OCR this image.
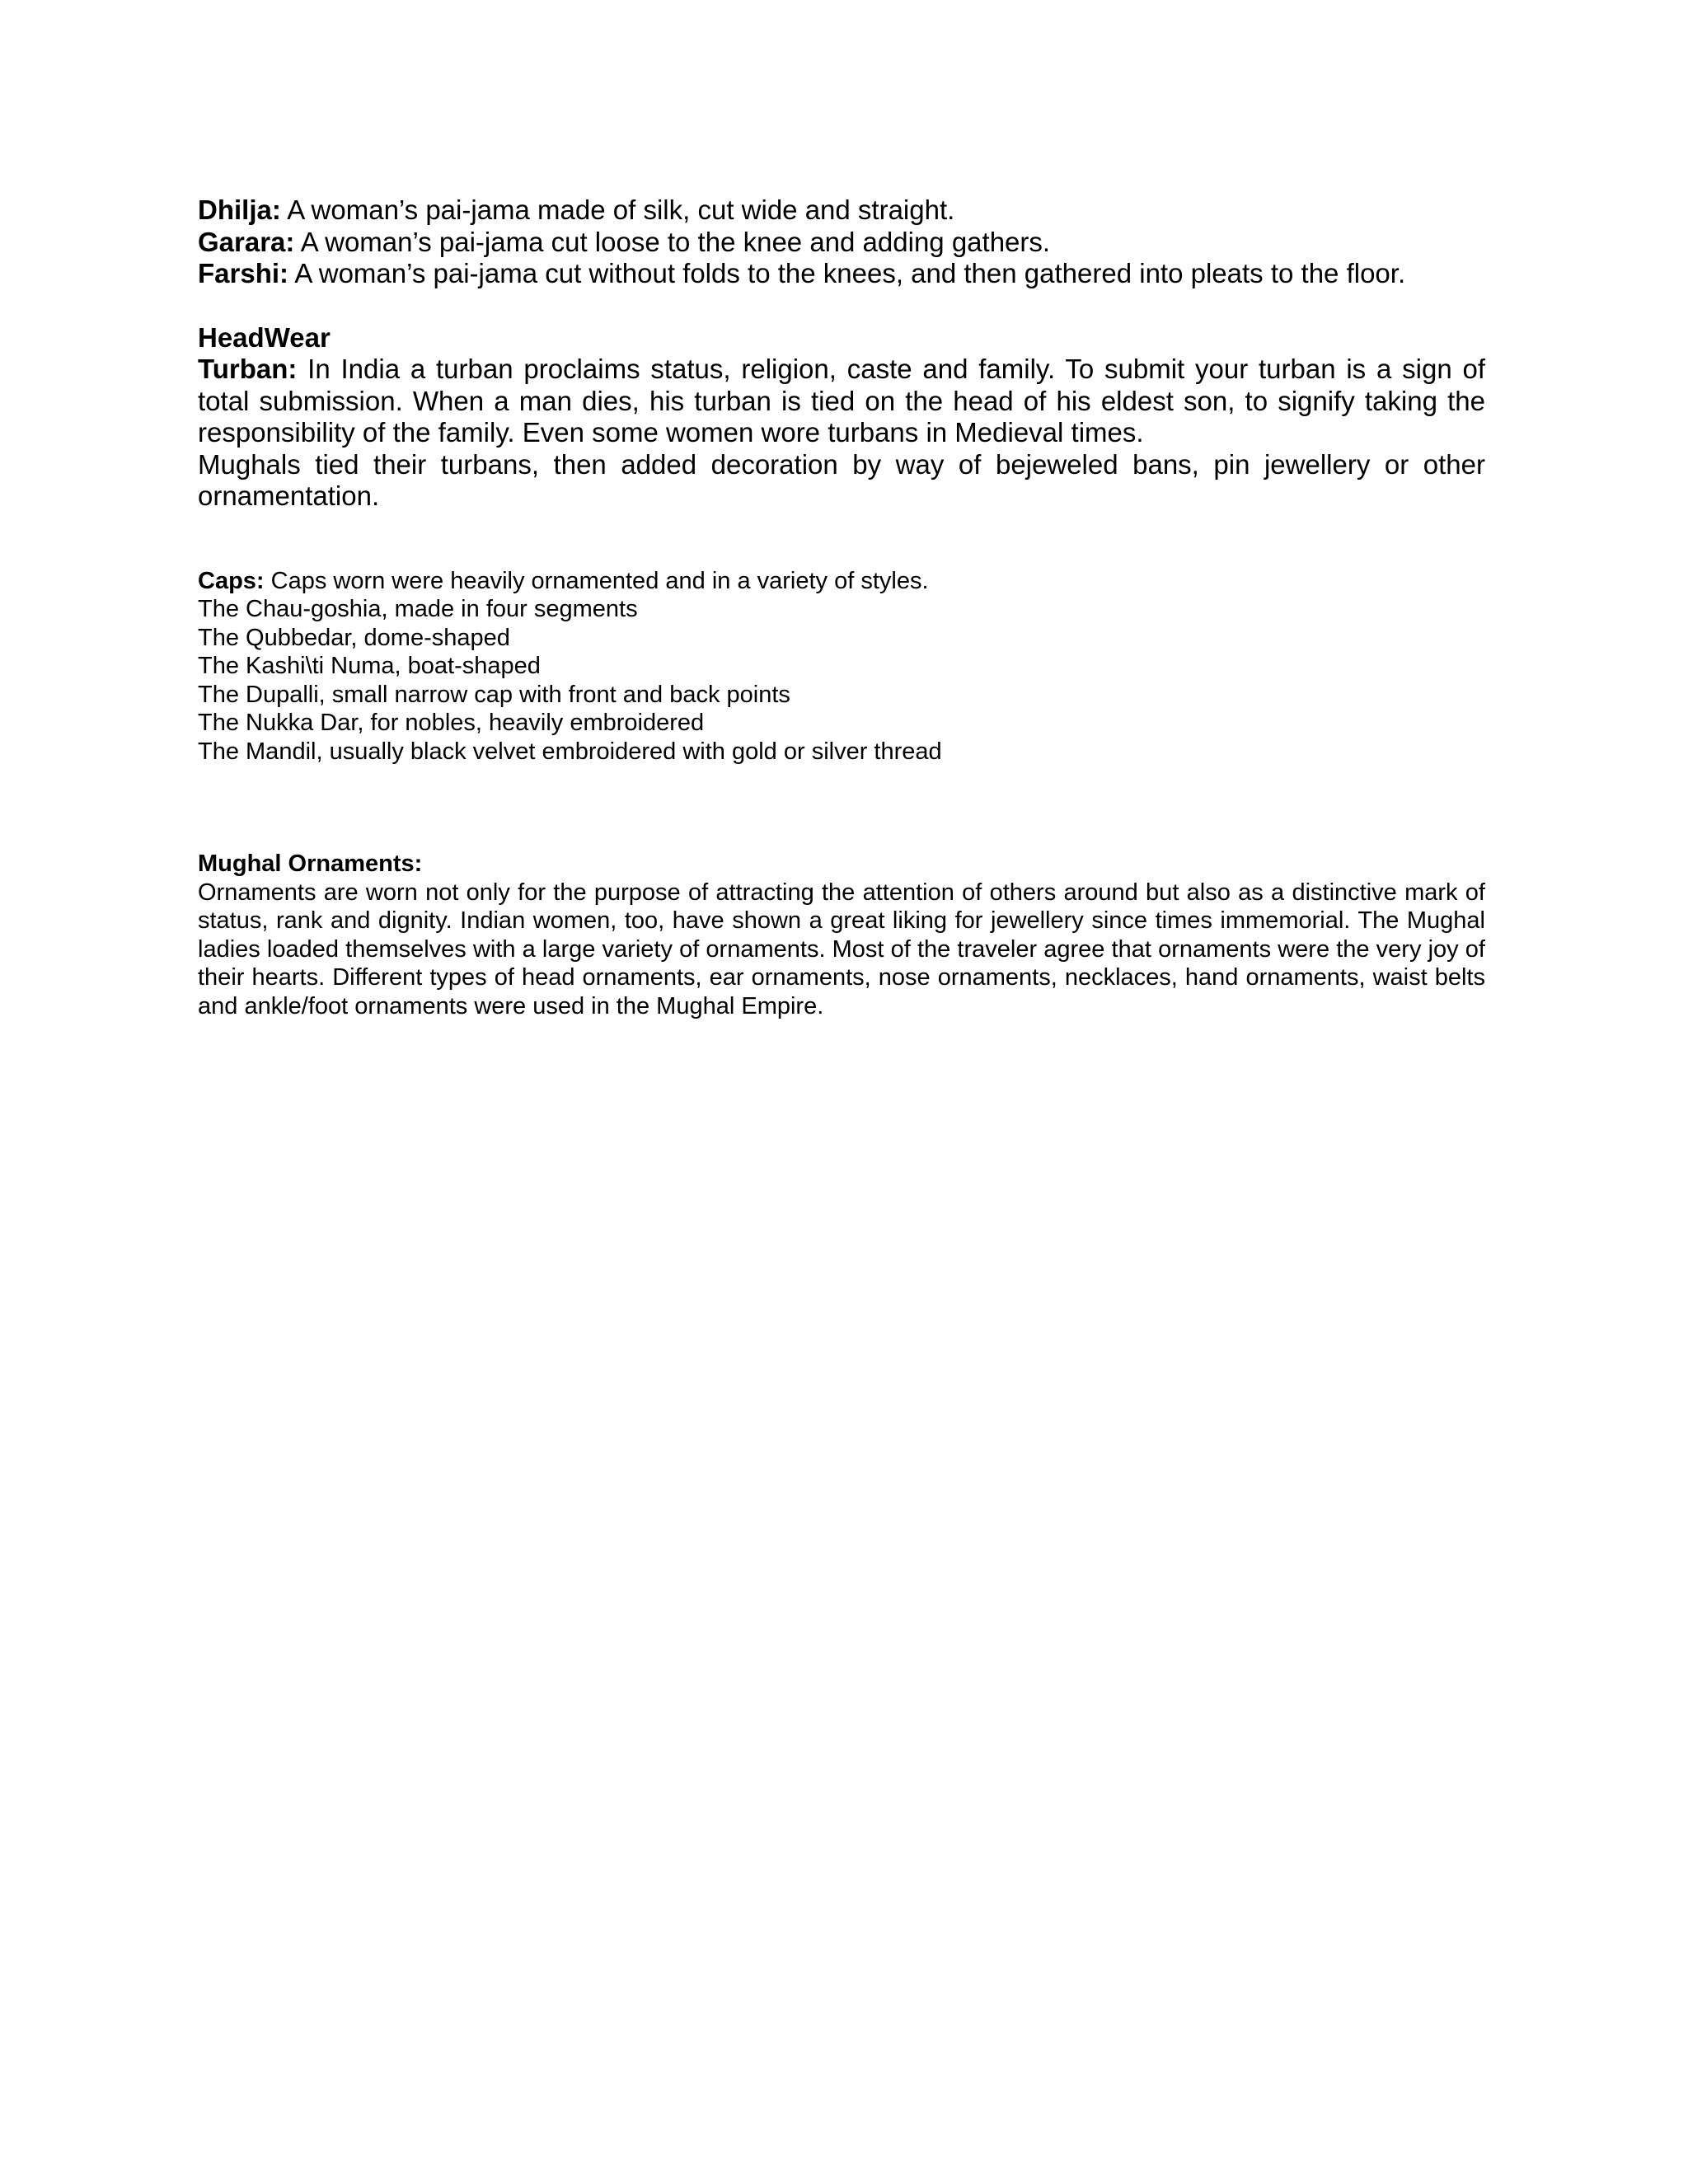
Dhilja: A woman’s pai-jama made of silk, cut wide and straight.
Garara: A woman’s pai-jama cut loose to the knee and adding gathers.
Farshi: A woman’s pai-jama cut without folds to the knees, and then gathered into pleats to the floor.
HeadWear
Turban: In India a turban proclaims status, religion, caste and family. To submit your turban is a sign of total submission. When a man dies, his turban is tied on the head of his eldest son, to signify taking the responsibility of the family. Even some women wore turbans in Medieval times.
Mughals tied their turbans, then added decoration by way of bejeweled bans, pin jewellery or other ornamentation.
Caps: Caps worn were heavily ornamented and in a variety of styles.
The Chau-goshia, made in four segments
The Qubbedar, dome-shaped
The Kashi\ti Numa, boat-shaped
The Dupalli, small narrow cap with front and back points
The Nukka Dar, for nobles, heavily embroidered
The Mandil, usually black velvet embroidered with gold or silver thread
Mughal Ornaments:
Ornaments are worn not only for the purpose of attracting the attention of others around but also as a distinctive mark of status, rank and dignity. Indian women, too, have shown a great liking for jewellery since times immemorial. The Mughal ladies loaded themselves with a large variety of ornaments. Most of the traveler agree that ornaments were the very joy of their hearts. Different types of head ornaments, ear ornaments, nose ornaments, necklaces, hand ornaments, waist belts and ankle/foot ornaments were used in the Mughal Empire.
